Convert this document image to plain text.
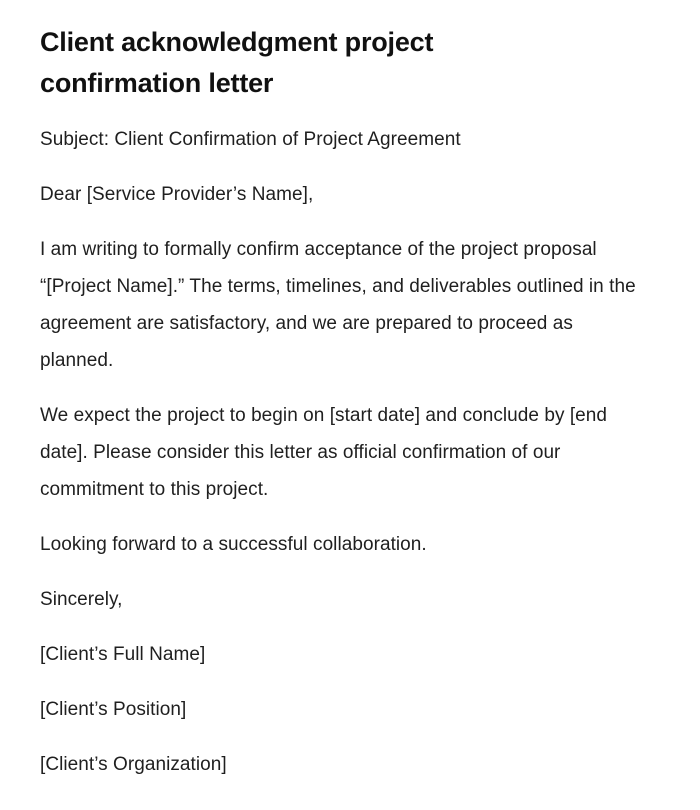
Client acknowledgment project confirmation letter

Subject: Client Confirmation of Project Agreement

Dear [Service Provider’s Name],

I am writing to formally confirm acceptance of the project proposal “[Project Name].” The terms, timelines, and deliverables outlined in the agreement are satisfactory, and we are prepared to proceed as planned.

We expect the project to begin on [start date] and conclude by [end date]. Please consider this letter as official confirmation of our commitment to this project.

Looking forward to a successful collaboration.

Sincerely,

[Client’s Full Name]

[Client’s Position]

[Client’s Organization]
